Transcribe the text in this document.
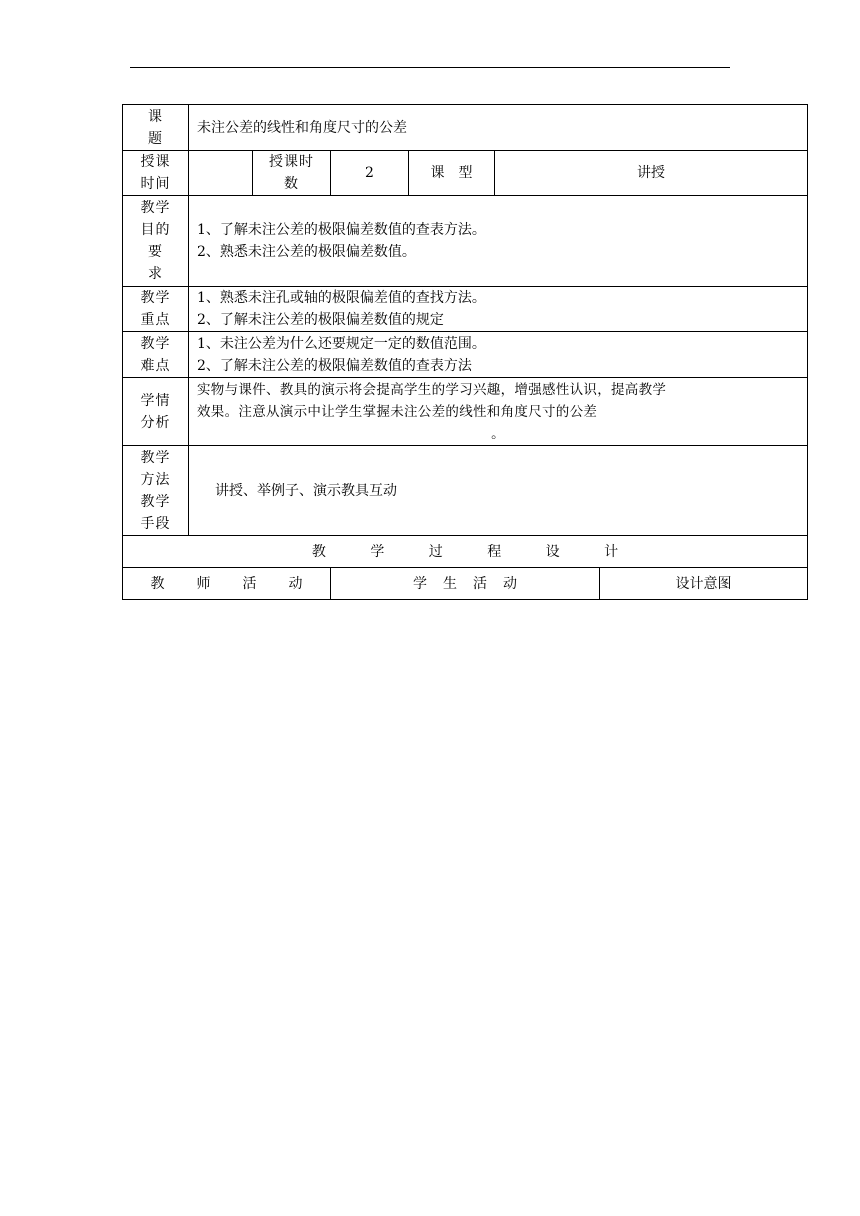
课
题	未注公差的线性和角度尺寸的公差					

授课
时间		授课时
数	2	课　型	讲授	

教学
目的
要
求	1、了解未注公差的极限偏差数值的查表方法。
2、熟悉未注公差的极限偏差数值。					

教学
重点	1、熟悉未注孔或轴的极限偏差值的查找方法。
2、了解未注公差的极限偏差数值的规定					

教学
难点	1、未注公差为什么还要规定一定的数值范围。
2、了解未注公差的极限偏差数值的查表方法					

学情
分析	实物与课件、教具的演示将会提高学生的学习兴趣，增强感性认识，提高教学
效果。注意从演示中让学生掌握未注公差的线性和角度尺寸的公差
。					

教学
方法
教学
手段	讲授、举例子、演示教具互动					
教 学 过 程 设 计						
教 师 活 动			学 生 活 动			设计意图
